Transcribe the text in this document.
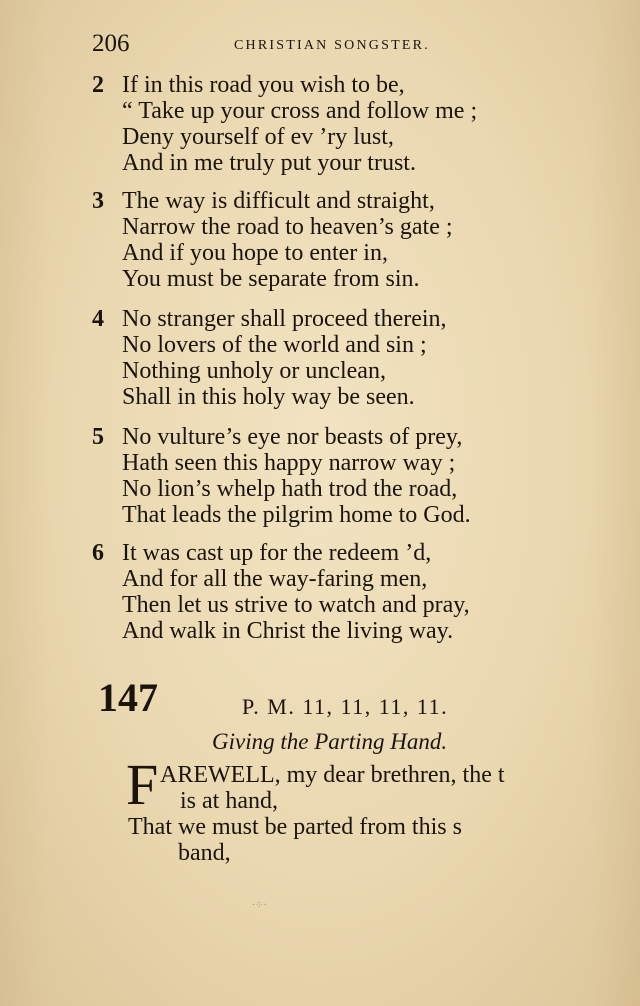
206	CHRISTIAN SONGSTER.
2 If in this road you wish to be,
“ Take up your cross and follow me ;
Deny yourself of ev ’ry lust,
And in me truly put your trust.
3 The way is difficult and straight,
Narrow the road to heaven’s gate ;
And if you hope to enter in,
You must be separate from sin.
4 No stranger shall proceed therein,
No lovers of the world and sin ;
Nothing unholy or unclean,
Shall in this holy way be seen.
5 No vulture’s eye nor beasts of prey,
Hath seen this happy narrow way ;
No lion’s whelp hath trod the road,
That leads the pilgrim home to God.
6 It was cast up for the redeem ’d,
And for all the way-faring men,
Then let us strive to watch and pray,
And walk in Christ the living way.
147	P. M. 11, 11, 11, 11.
Giving the Parting Hand.
F AREWELL, my dear brethren, the t
is at hand,
That we must be parted from this s
band,
·⁘·
